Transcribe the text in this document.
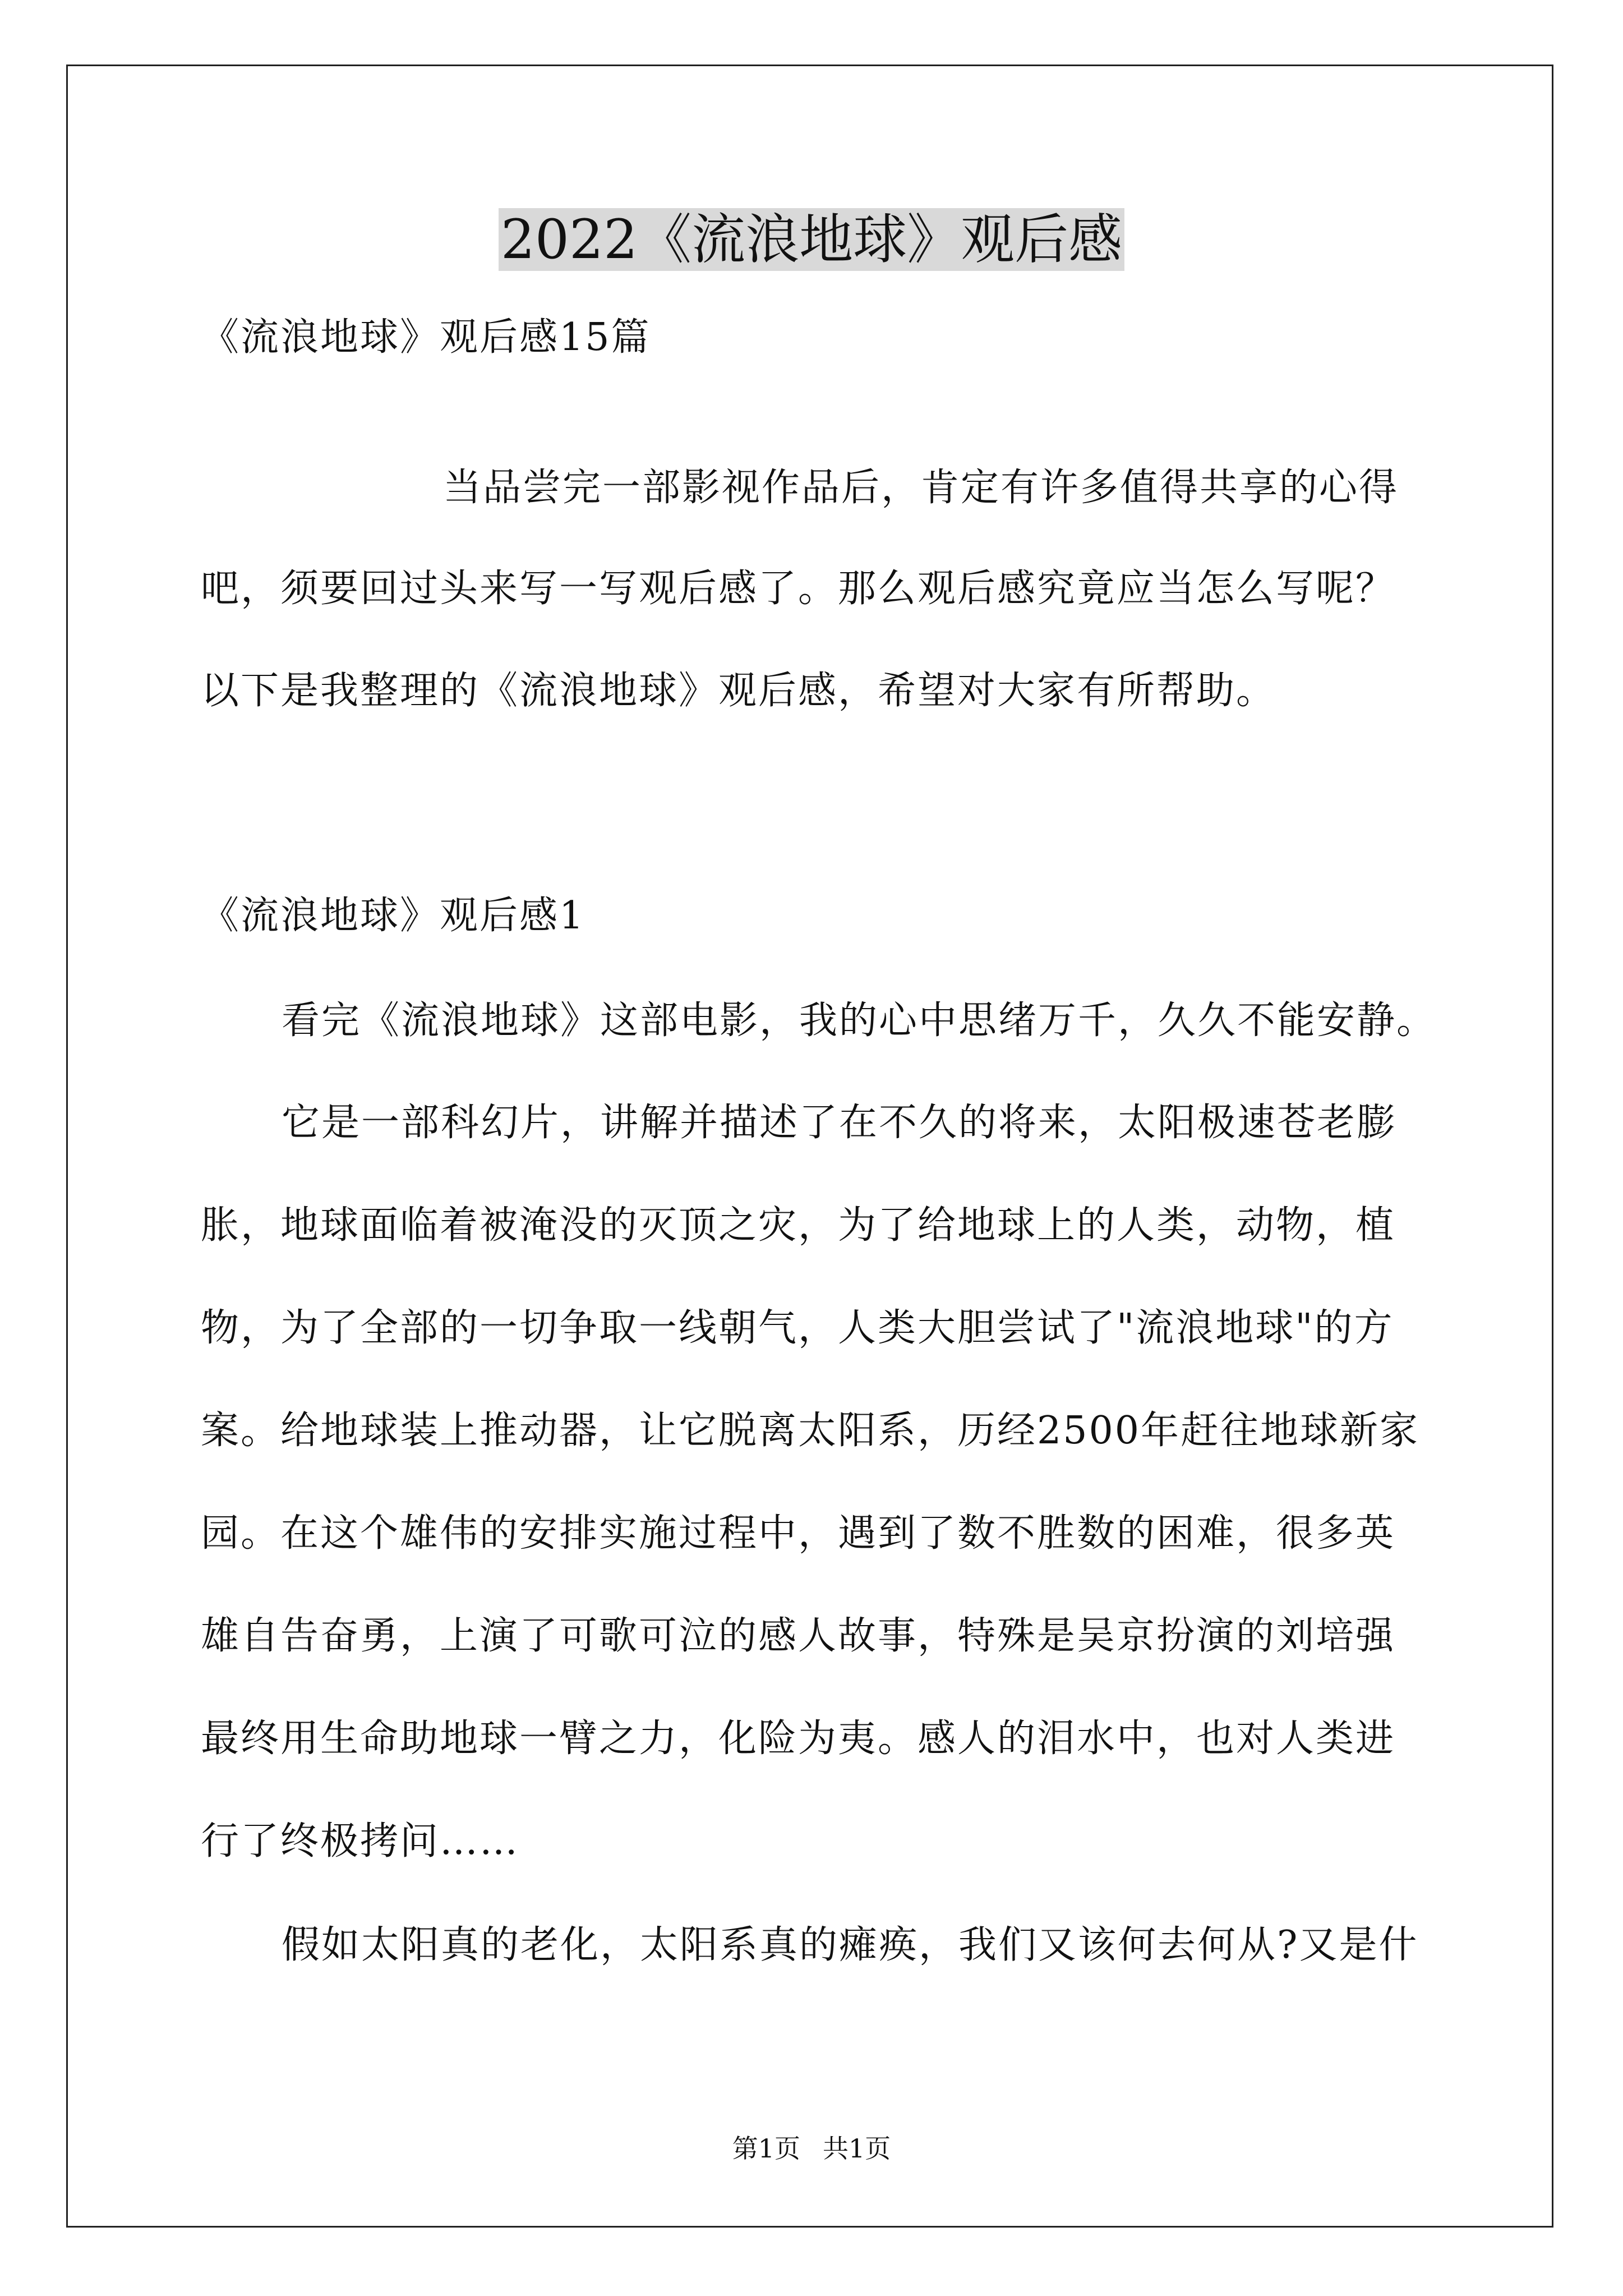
2022《流浪地球》观后感
《流浪地球》观后感15篇
当品尝完一部影视作品后，肯定有许多值得共享的心得
吧，须要回过头来写一写观后感了。那么观后感究竟应当怎么写呢？
以下是我整理的《流浪地球》观后感，希望对大家有所帮助。
《流浪地球》观后感1
看完《流浪地球》这部电影，我的心中思绪万千，久久不能安静。
它是一部科幻片，讲解并描述了在不久的将来，太阳极速苍老膨
胀，地球面临着被淹没的灭顶之灾，为了给地球上的人类，动物，植
物，为了全部的一切争取一线朝气，人类大胆尝试了"流浪地球"的方
案。给地球装上推动器，让它脱离太阳系，历经2500年赶往地球新家
园。在这个雄伟的安排实施过程中，遇到了数不胜数的困难，很多英
雄自告奋勇，上演了可歌可泣的感人故事，特殊是吴京扮演的刘培强
最终用生命助地球一臂之力，化险为夷。感人的泪水中，也对人类进
行了终极拷问……
假如太阳真的老化，太阳系真的瘫痪，我们又该何去何从?又是什
第1页 共1页
